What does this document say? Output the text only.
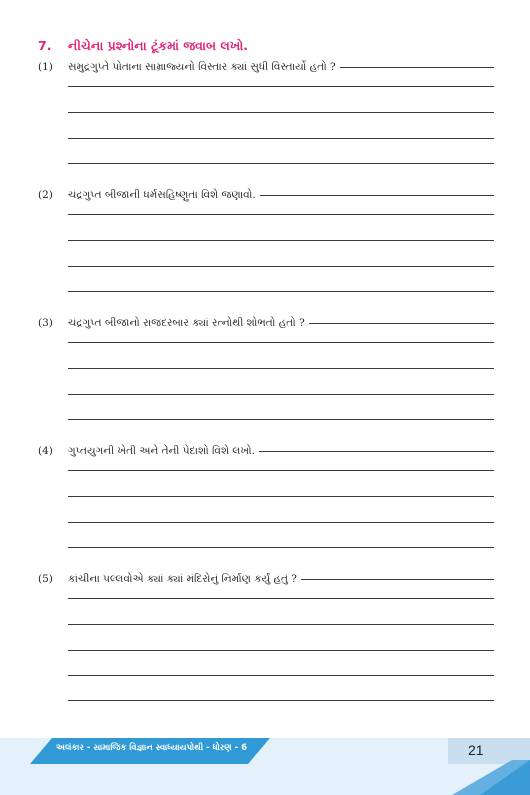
7.	નીચેના પ્રશ્નોના ટૂંકમાં જવાબ લખો.
(1)	સમુદ્રગુપ્તે પોતાના સામ્રાજ્યનો વિસ્તાર ક્યાં સુધી વિસ્તાર્યો હતો ?
(2)	ચંદ્રગુપ્ત બીજાની ધર્મસહિષ્ણુતા વિશે જણાવો.
(3)	ચંદ્રગુપ્ત બીજાનો રાજદરબાર ક્યાં રત્નોથી શોભતો હતો ?
(4)	ગુપ્તયુગની ખેતી અને તેની પેદાશો વિશે લખો.
(5)	કાંચીના પલ્લવોએ ક્યાં ક્યાં મંદિરોનું નિર્માણ કર્યું હતું ?
અલંકાર - સામાજિક વિજ્ઞાન સ્વાધ્યાયપોથી - ધોરણ - 6	21
